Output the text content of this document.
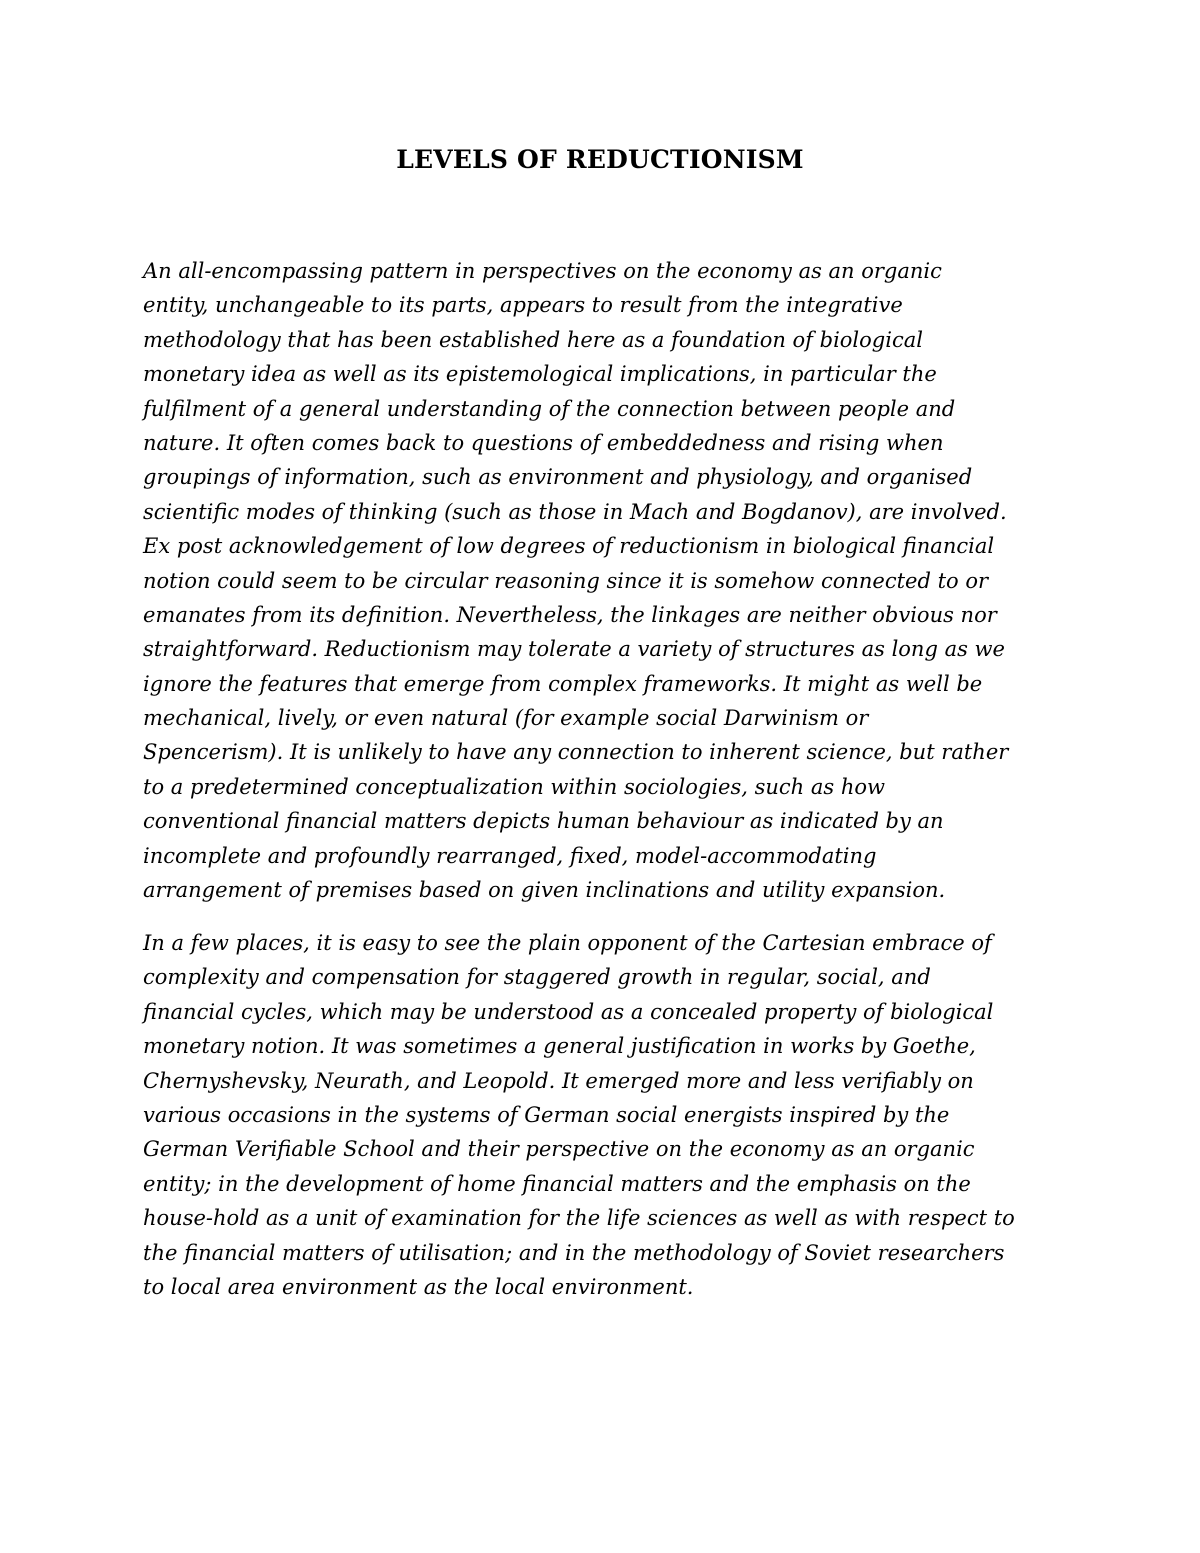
LEVELS OF REDUCTIONISM

An all-encompassing pattern in perspectives on the economy as an organic
entity, unchangeable to its parts, appears to result from the integrative
methodology that has been established here as a foundation of biological
monetary idea as well as its epistemological implications, in particular the
fulfilment of a general understanding of the connection between people and
nature. It often comes back to questions of embeddedness and rising when
groupings of information, such as environment and physiology, and organised
scientific modes of thinking (such as those in Mach and Bogdanov), are involved.
Ex post acknowledgement of low degrees of reductionism in biological financial
notion could seem to be circular reasoning since it is somehow connected to or
emanates from its definition. Nevertheless, the linkages are neither obvious nor
straightforward. Reductionism may tolerate a variety of structures as long as we
ignore the features that emerge from complex frameworks. It might as well be
mechanical, lively, or even natural (for example social Darwinism or
Spencerism). It is unlikely to have any connection to inherent science, but rather
to a predetermined conceptualization within sociologies, such as how
conventional financial matters depicts human behaviour as indicated by an
incomplete and profoundly rearranged, fixed, model-accommodating
arrangement of premises based on given inclinations and utility expansion.

In a few places, it is easy to see the plain opponent of the Cartesian embrace of
complexity and compensation for staggered growth in regular, social, and
financial cycles, which may be understood as a concealed property of biological
monetary notion. It was sometimes a general justification in works by Goethe,
Chernyshevsky, Neurath, and Leopold. It emerged more and less verifiably on
various occasions in the systems of German social energists inspired by the
German Verifiable School and their perspective on the economy as an organic
entity; in the development of home financial matters and the emphasis on the
house-hold as a unit of examination for the life sciences as well as with respect to
the financial matters of utilisation; and in the methodology of Soviet researchers
to local area environment as the local environment.
